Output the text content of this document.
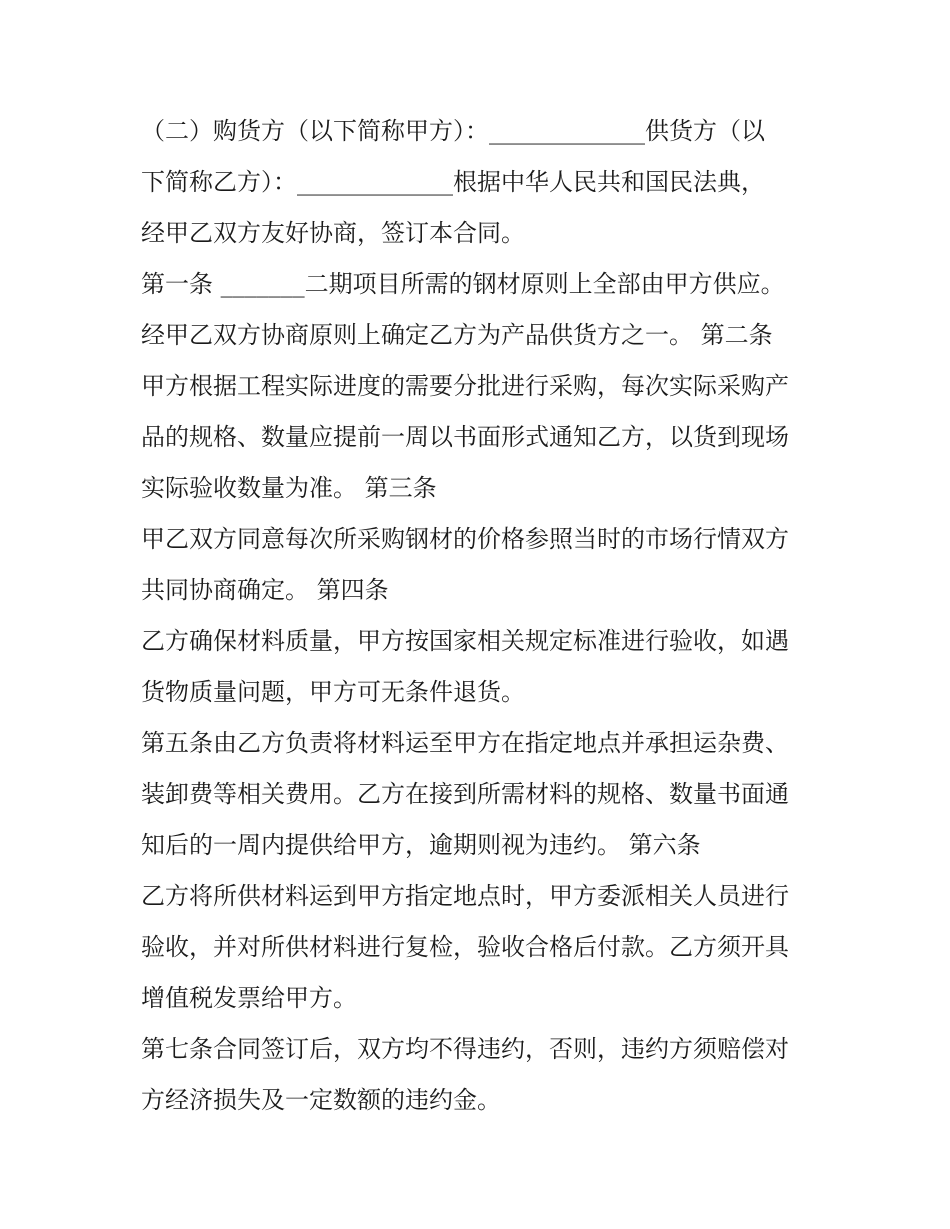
（二）购货方（以下简称甲方）：_____________供货方（以
下简称乙方）：_____________根据中华人民共和国民法典，
经甲乙双方友好协商，签订本合同。
第一条 _______二期项目所需的钢材原则上全部由甲方供应。
经甲乙双方协商原则上确定乙方为产品供货方之一。 第二条
甲方根据工程实际进度的需要分批进行采购，每次实际采购产
品的规格、数量应提前一周以书面形式通知乙方，以货到现场
实际验收数量为准。 第三条
甲乙双方同意每次所采购钢材的价格参照当时的市场行情双方
共同协商确定。 第四条
乙方确保材料质量，甲方按国家相关规定标准进行验收，如遇
货物质量问题，甲方可无条件退货。
第五条由乙方负责将材料运至甲方在指定地点并承担运杂费、
装卸费等相关费用。乙方在接到所需材料的规格、数量书面通
知后的一周内提供给甲方，逾期则视为违约。 第六条
乙方将所供材料运到甲方指定地点时，甲方委派相关人员进行
验收，并对所供材料进行复检，验收合格后付款。乙方须开具
增值税发票给甲方。
第七条合同签订后，双方均不得违约，否则，违约方须赔偿对
方经济损失及一定数额的违约金。
